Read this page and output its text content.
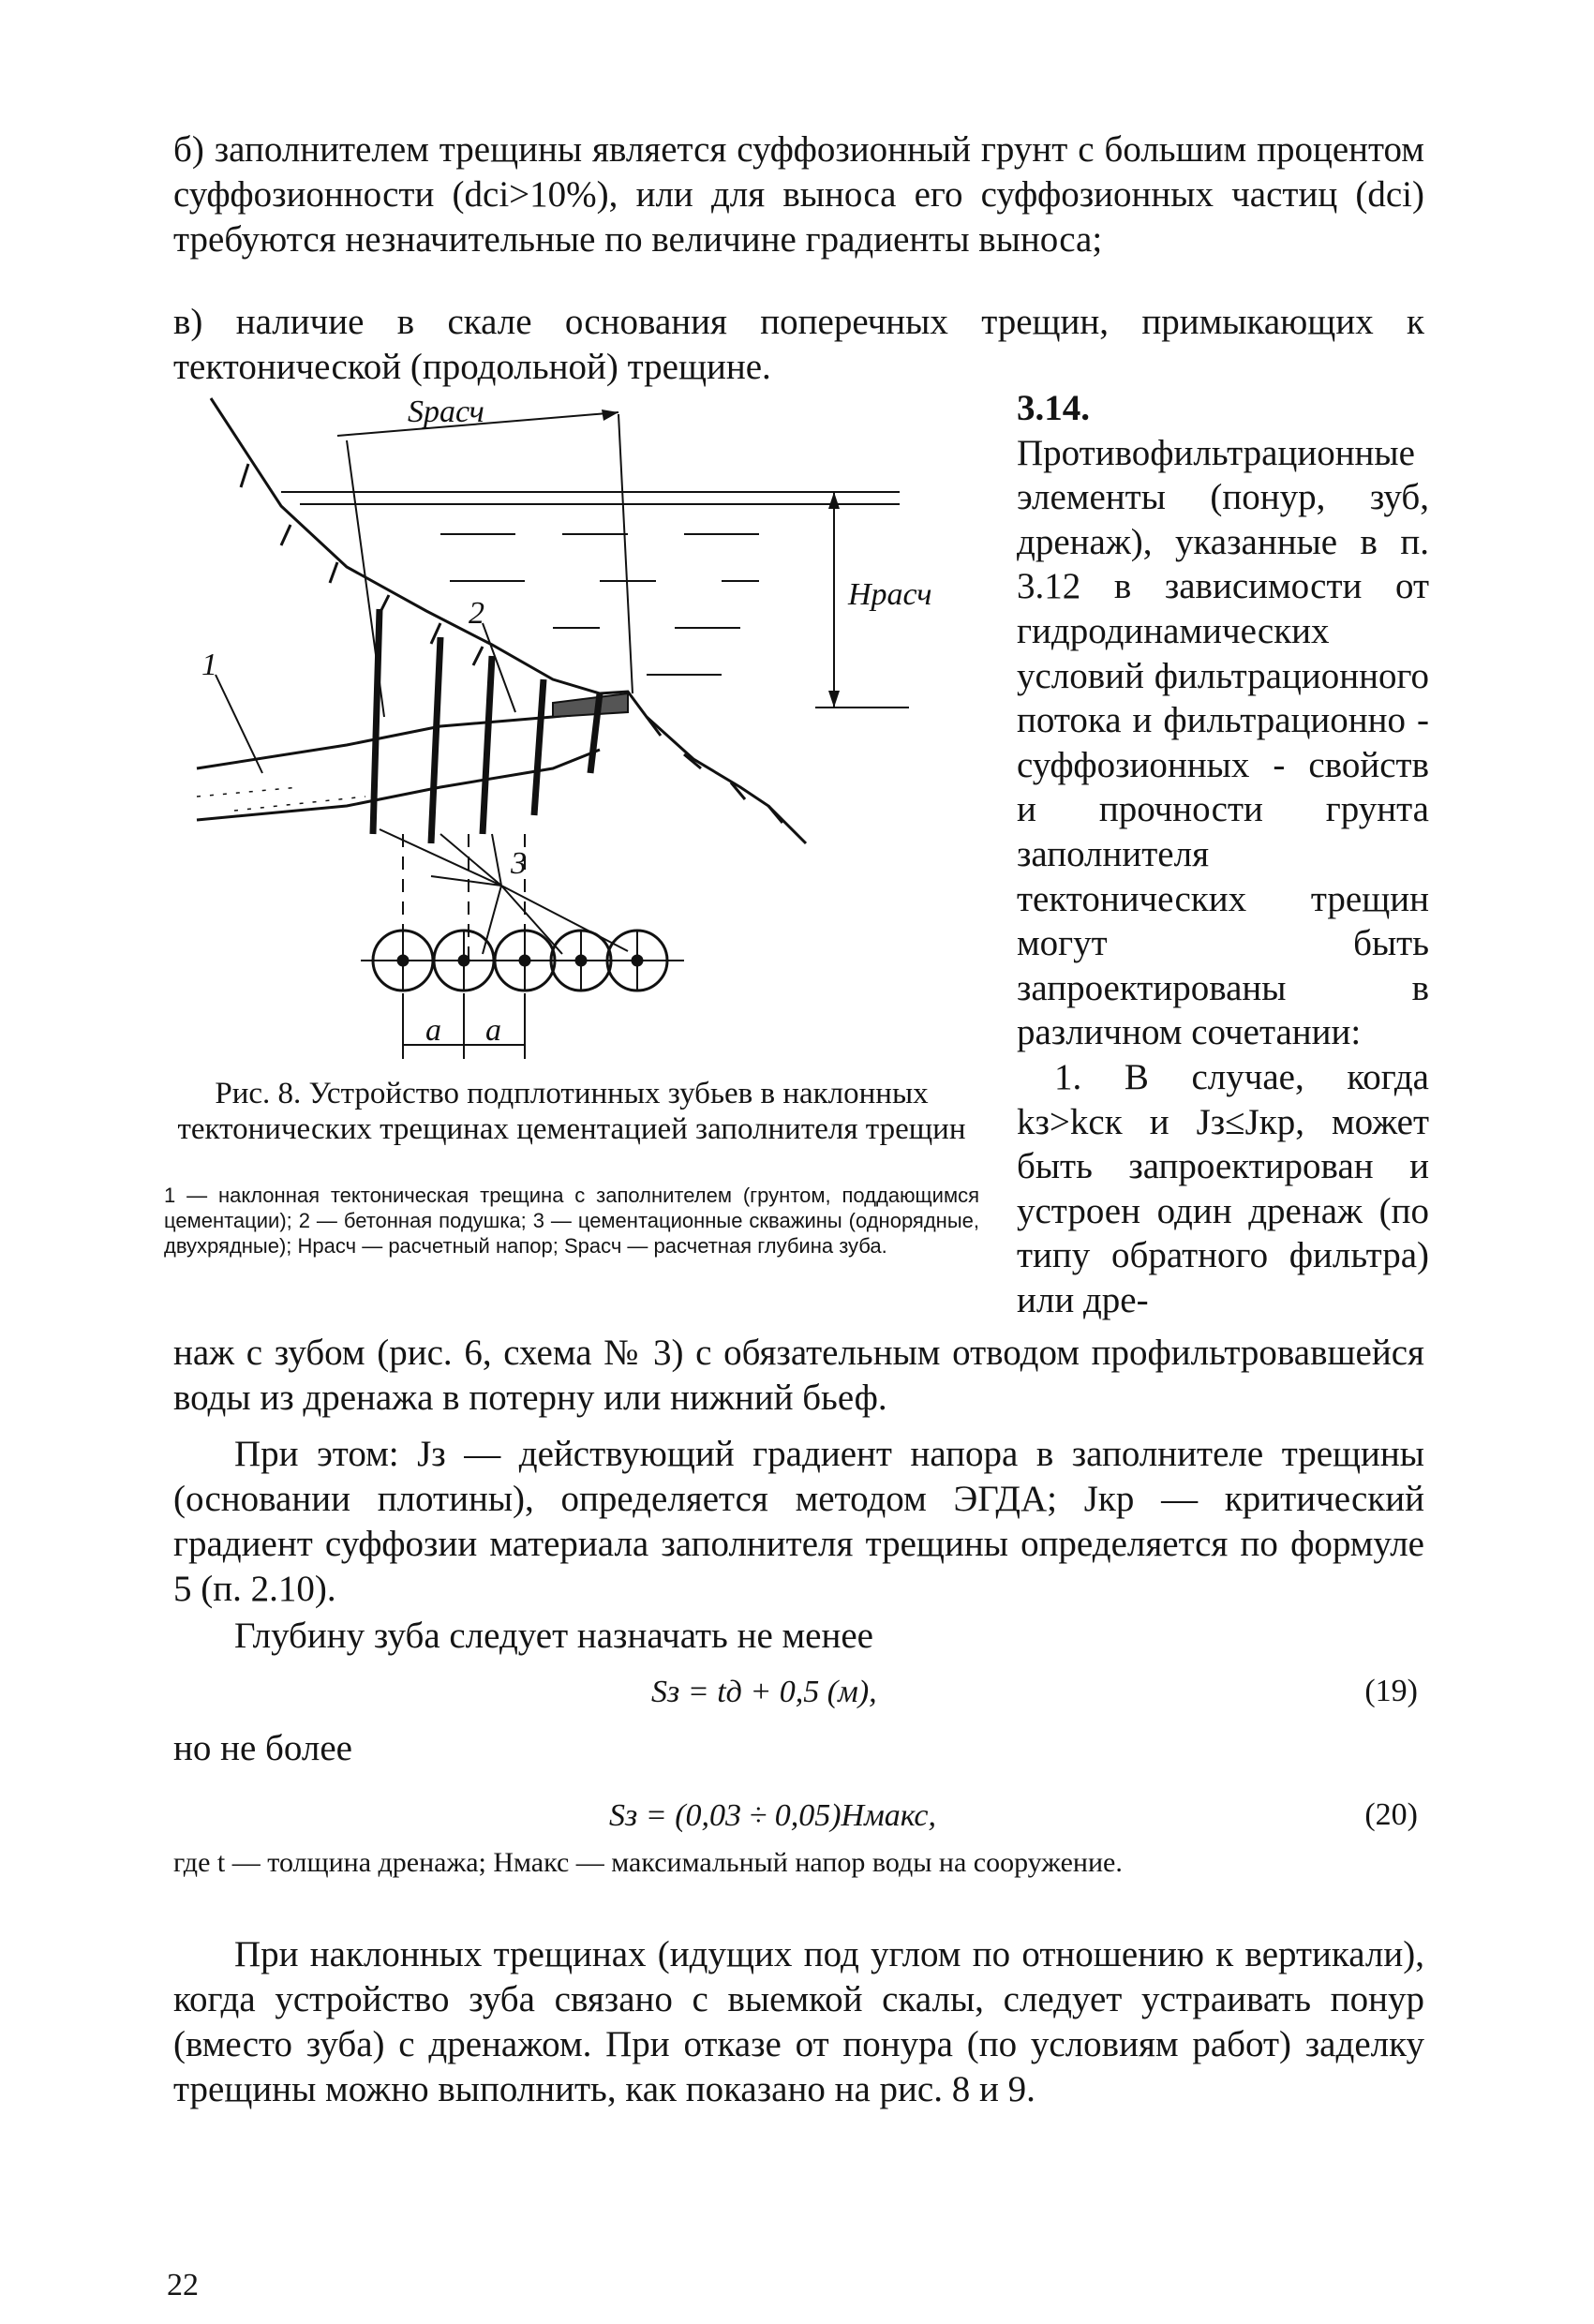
б) заполнителем трещины является суффозионный грунт с большим процентом суффозионности (dci>10%), или для выноса его суффозионных частиц (dci) требуются незначительные по величине градиенты выноса;

в) наличие в скале основания поперечных трещин, примыкающих к тектонической (продольной) трещине.

Sрасч
Hрасч
1
2
3
a a
Рис. 8. Устройство подплотинных зубьев в наклонных тектонических трещинах цементацией заполнителя трещин
1 — наклонная тектоническая трещина с заполнителем (грунтом, поддающимся цементации); 2 — бетонная подушка; 3 — цементационные скважины (однорядные, двухрядные); Hрасч — расчетный напор; Sрасч — расчетная глубина зуба.
3.14. Противофильтрационные элементы (понур, зуб, дренаж), указанные в п. 3.12 в зависимости от гидродинамических условий фильтрационного потока и фильтрационно - суффозионных - свойств и прочности грунта заполнителя тектонических трещин могут быть запроектированы в различном сочетании:
1. В случае, когда kз>kск и Jз≤Jкр, может быть запроектирован и устроен один дренаж (по типу обратного фильтра) или дре-

наж с зубом (рис. 6, схема № 3) с обязательным отводом профильтровавшейся воды из дренажа в потерну или нижний бьеф.

При этом: Jз — действующий градиент напора в заполнителе трещины (основании плотины), определяется методом ЭГДА; Jкр — критический градиент суффозии материала заполнителя трещины определяется по формуле 5 (п. 2.10).

Глубину зуба следует назначать не менее

Sз = tд + 0,5 (м),	(19)

но не более

Sз = (0,03 ÷ 0,05)Hмакс,	(20)
где t — толщина дренажа; Hмакс — максимальный напор воды на сооружение.

При наклонных трещинах (идущих под углом по отношению к вертикали), когда устройство зуба связано с выемкой скалы, следует устраивать понур (вместо зуба) с дренажом. При отказе от понура (по условиям работ) заделку трещины можно выполнить, как показано на рис. 8 и 9.

22
